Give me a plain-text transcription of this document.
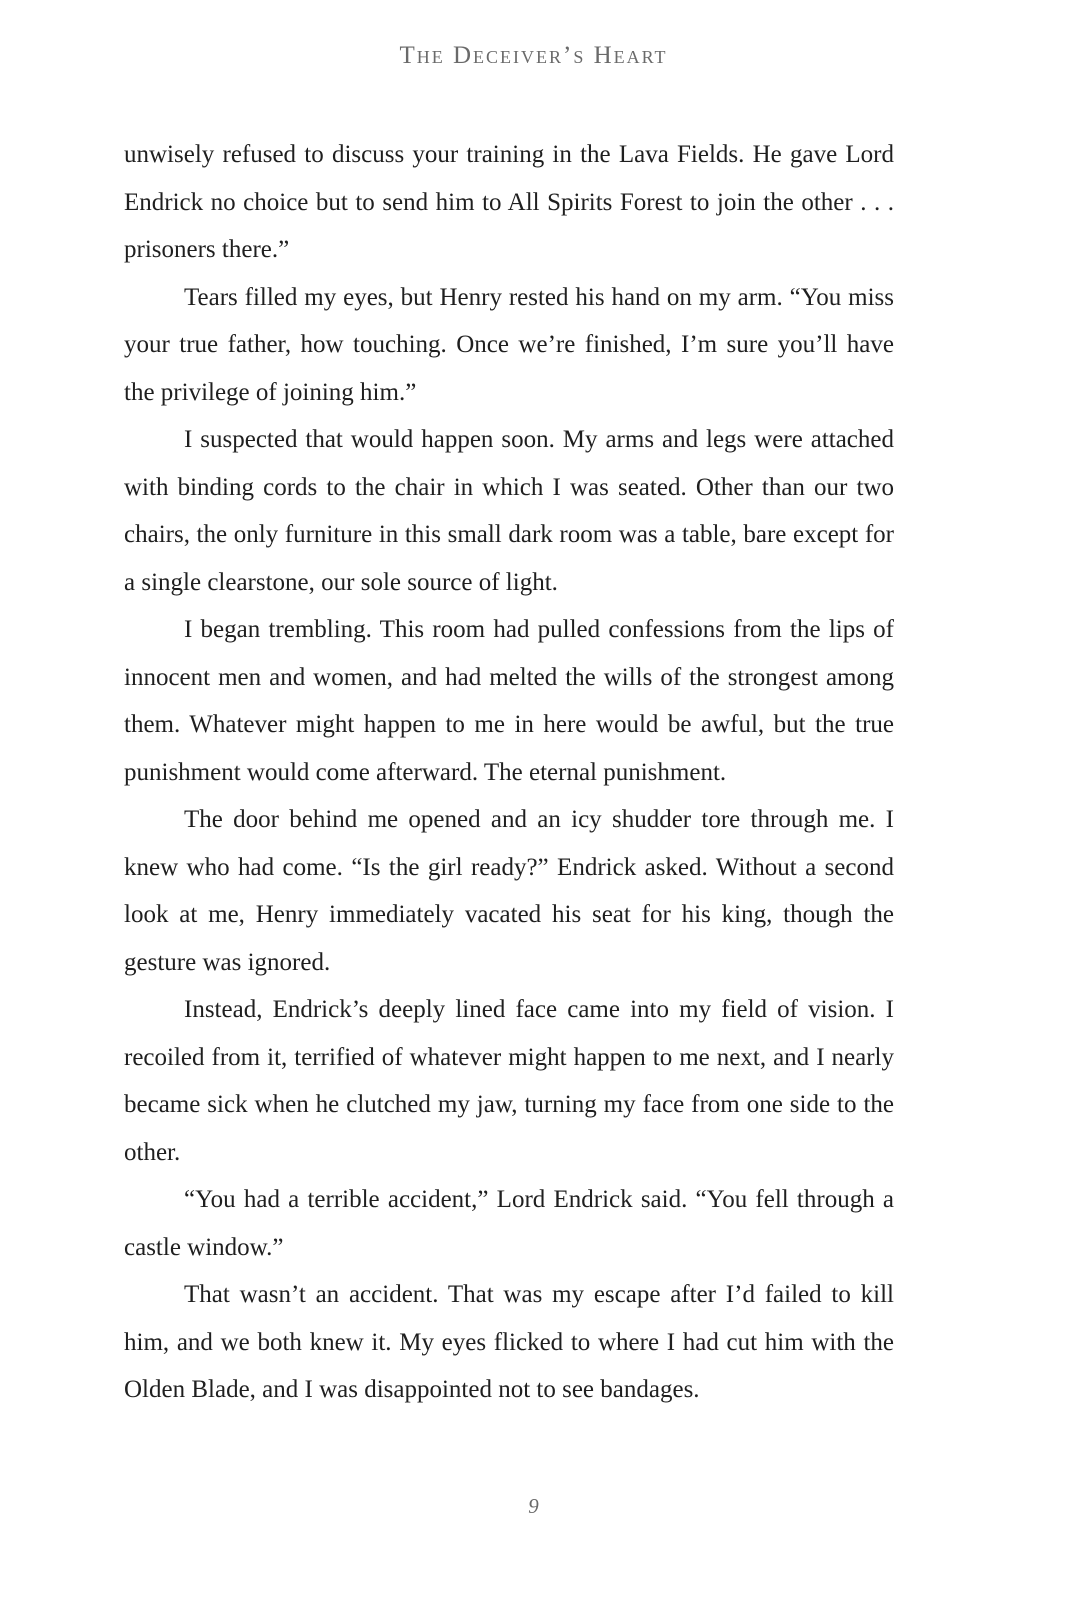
The Deceiver’s Heart

unwisely refused to discuss your training in the Lava Fields. He gave Lord Endrick no choice but to send him to All Spirits Forest to join the other . . . prisoners there.”

Tears filled my eyes, but Henry rested his hand on my arm. “You miss your true father, how touching. Once we’re finished, I’m sure you’ll have the privilege of joining him.”

I suspected that would happen soon. My arms and legs were attached with binding cords to the chair in which I was seated. Other than our two chairs, the only furniture in this small dark room was a table, bare except for a single clearstone, our sole source of light.

I began trembling. This room had pulled confessions from the lips of innocent men and women, and had melted the wills of the strongest among them. Whatever might happen to me in here would be awful, but the true punishment would come afterward. The eternal punishment.

The door behind me opened and an icy shudder tore through me. I knew who had come. “Is the girl ready?” Endrick asked. Without a second look at me, Henry immediately vacated his seat for his king, though the gesture was ignored.

Instead, Endrick’s deeply lined face came into my field of vision. I recoiled from it, terrified of whatever might happen to me next, and I nearly became sick when he clutched my jaw, turning my face from one side to the other.

“You had a terrible accident,” Lord Endrick said. “You fell through a castle window.”

That wasn’t an accident. That was my escape after I’d failed to kill him, and we both knew it. My eyes flicked to where I had cut him with the Olden Blade, and I was disappointed not to see bandages.

9
